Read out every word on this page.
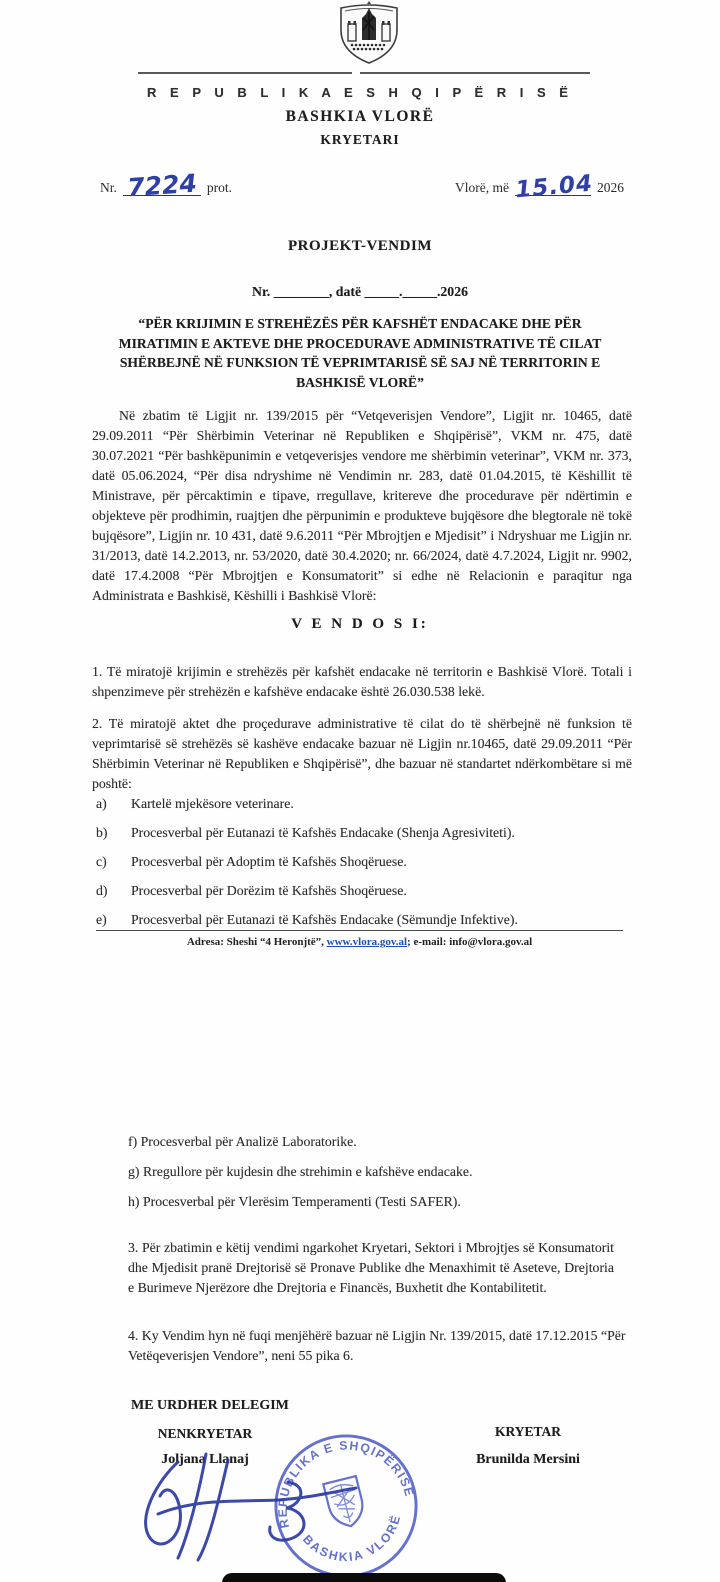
R E P U B L I K A E S H Q I P Ë R I S Ë
BASHKIA VLORË
KRYETARI
Nr. 7224 prot.	Vlorë, më 15.04 2026
PROJEKT-VENDIM
Nr. ________, datë _____._____.2026
“PËR KRIJIMIN E STREHËZËS PËR KAFSHËT ENDACAKE DHE PËR MIRATIMIN E AKTEVE DHE PROCEDURAVE ADMINISTRATIVE TË CILAT SHËRBEJNË NË FUNKSION TË VEPRIMTARISË SË SAJ NË TERRITORIN E BASHKISË VLORË”
Në zbatim të Ligjit nr. 139/2015 për “Vetqeverisjen Vendore”, Ligjit nr. 10465, datë 29.09.2011 “Për Shërbimin Veterinar në Republiken e Shqipërisë”, VKM nr. 475, datë 30.07.2021 “Për bashkëpunimin e vetqeverisjes vendore me shërbimin veterinar”, VKM nr. 373, datë 05.06.2024, “Për disa ndryshime në Vendimin nr. 283, datë 01.04.2015, të Këshillit të Ministrave, për përcaktimin e tipave, rregullave, kritereve dhe procedurave për ndërtimin e objekteve për prodhimin, ruajtjen dhe përpunimin e produkteve bujqësore dhe blegtorale në tokë bujqësore”, Ligjin nr. 10 431, datë 9.6.2011 “Për Mbrojtjen e Mjedisit” i Ndryshuar me Ligjin nr. 31/2013, datë 14.2.2013, nr. 53/2020, datë 30.4.2020; nr. 66/2024, datë 4.7.2024, Ligjit nr. 9902, datë 17.4.2008 “Për Mbrojtjen e Konsumatorit” si edhe në Relacionin e paraqitur nga Administrata e Bashkisë, Këshilli i Bashkisë Vlorë:
V E N D O S I:
1. Të miratojë krijimin e strehëzës për kafshët endacake në territorin e Bashkisë Vlorë. Totali i shpenzimeve për strehëzën e kafshëve endacake është 26.030.538 lekë.
2. Të miratojë aktet dhe proçedurave administrative të cilat do të shërbejnë në funksion të veprimtarisë së strehëzës së kashëve endacake bazuar në Ligjin nr.10465, datë 29.09.2011 “Për Shërbimin Veterinar në Republiken e Shqipërisë”, dhe bazuar në standartet ndërkombëtare si më poshtë:
a)	Kartelë mjekësore veterinare.
b)	Procesverbal për Eutanazi të Kafshës Endacake (Shenja Agresiviteti).
c)	Procesverbal për Adoptim të Kafshës Shoqëruese.
d)	Procesverbal për Dorëzim të Kafshës Shoqëruese.
e)	Procesverbal për Eutanazi të Kafshës Endacake (Sëmundje Infektive).
Adresa: Sheshi “4 Heronjtë”, www.vlora.gov.al; e-mail: info@vlora.gov.al
f) Procesverbal për Analizë Laboratorike.
g) Rregullore për kujdesin dhe strehimin e kafshëve endacake.
h) Procesverbal për Vlerësim Temperamenti (Testi SAFER).
3. Për zbatimin e këtij vendimi ngarkohet Kryetari, Sektori i Mbrojtjes së Konsumatorit dhe Mjedisit pranë Drejtorisë së Pronave Publike dhe Menaxhimit të Aseteve, Drejtoria e Burimeve Njerëzore dhe Drejtoria e Financës, Buxhetit dhe Kontabilitetit.
4. Ky Vendim hyn në fuqi menjëhërë bazuar në Ligjin Nr. 139/2015, datë 17.12.2015 “Për Vetëqeverisjen Vendore”, neni 55 pika 6.
ME URDHER DELEGIM
NENKRYETAR	KRYETAR
Joljana Llanaj	Brunilda Mersini
REPUBLIKA E SHQIPËRISË
BASHKIA VLORË
